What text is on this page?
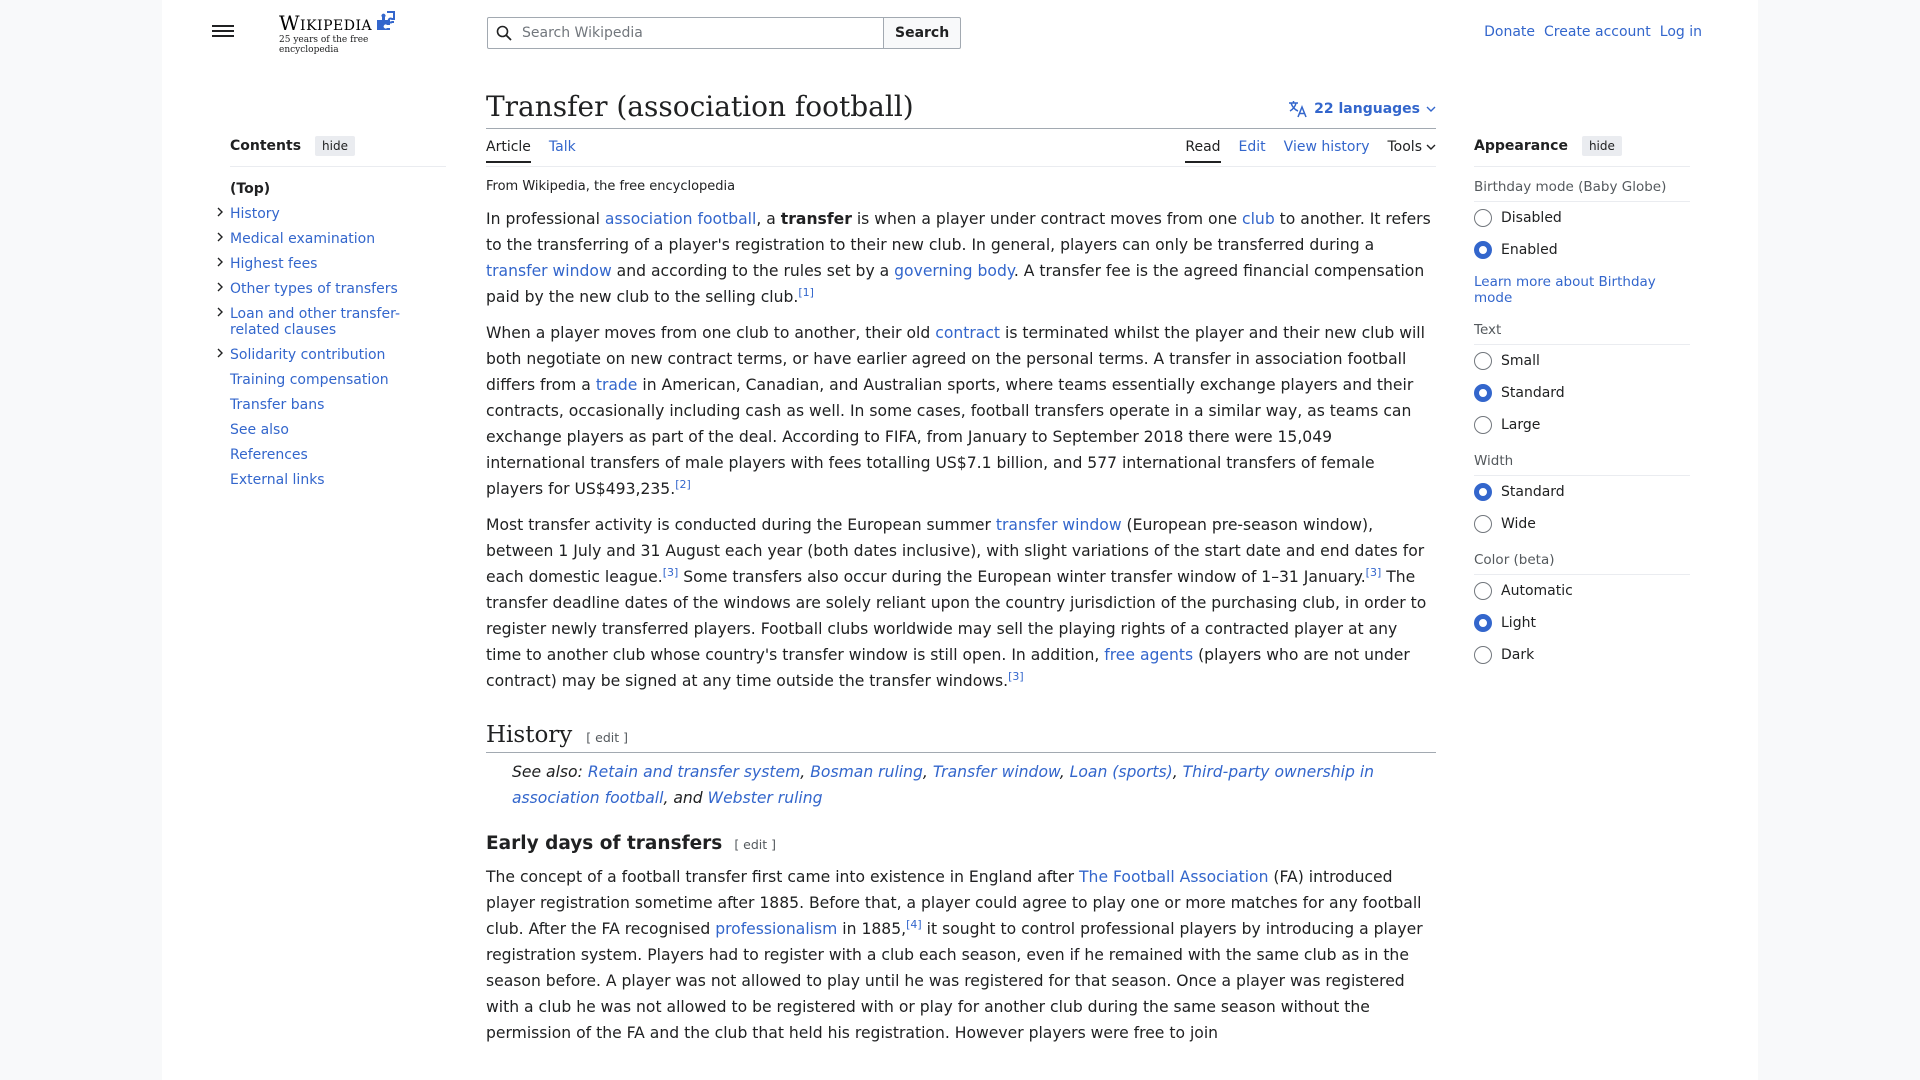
Wikipedia
25 years of the free encyclopedia
Search Wikipedia
Search	Donate Create account Log in
Contents	hide
(Top)
History
Medical examination
Highest fees
Other types of transfers
Loan and other transfer-related clauses
Solidarity contribution
Training compensation
Transfer bans
See also
References
External links
Transfer (association football)	22 languages
Article Talk	Read Edit View history Tools
From Wikipedia, the free encyclopedia

In professional association football, a transfer is when a player under contract moves from one club to another. It refers to the transferring of a player's registration to their new club. In general, players can only be transferred during a transfer window and according to the rules set by a governing body. A transfer fee is the agreed financial compensation paid by the new club to the selling club.[1]

When a player moves from one club to another, their old contract is terminated whilst the player and their new club will both negotiate on new contract terms, or have earlier agreed on the personal terms. A transfer in association football differs from a trade in American, Canadian, and Australian sports, where teams essentially exchange players and their contracts, occasionally including cash as well. In some cases, football transfers operate in a similar way, as teams can exchange players as part of the deal. According to FIFA, from January to September 2018 there were 15,049 international transfers of male players with fees totalling US$7.1 billion, and 577 international transfers of female players for US$493,235.[2]

Most transfer activity is conducted during the European summer transfer window (European pre-season window), between 1 July and 31 August each year (both dates inclusive), with slight variations of the start date and end dates for each domestic league.[3] Some transfers also occur during the European winter transfer window of 1–31 January.[3] The transfer deadline dates of the windows are solely reliant upon the country jurisdiction of the purchasing club, in order to register newly transferred players. Football clubs worldwide may sell the playing rights of a contracted player at any time to another club whose country's transfer window is still open. In addition, free agents (players who are not under contract) may be signed at any time outside the transfer windows.[3]

History [ edit ]
See also: Retain and transfer system, Bosman ruling, Transfer window, Loan (sports), Third-party ownership in association football, and Webster ruling
Early days of transfers [ edit ]

The concept of a football transfer first came into existence in England after The Football Association (FA) introduced player registration sometime after 1885. Before that, a player could agree to play one or more matches for any football club. After the FA recognised professionalism in 1885,[4] it sought to control professional players by introducing a player registration system. Players had to register with a club each season, even if he remained with the same club as in the season before. A player was not allowed to play until he was registered for that season. Once a player was registered with a club he was not allowed to be registered with or play for another club during the same season without the permission of the FA and the club that held his registration. However players were free to join

Appearance	hide
Birthday mode (Baby Globe)
Disabled
Enabled
Learn more about Birthday mode
Text
Small
Standard
Large
Width
Standard
Wide
Color (beta)
Automatic
Light
Dark
